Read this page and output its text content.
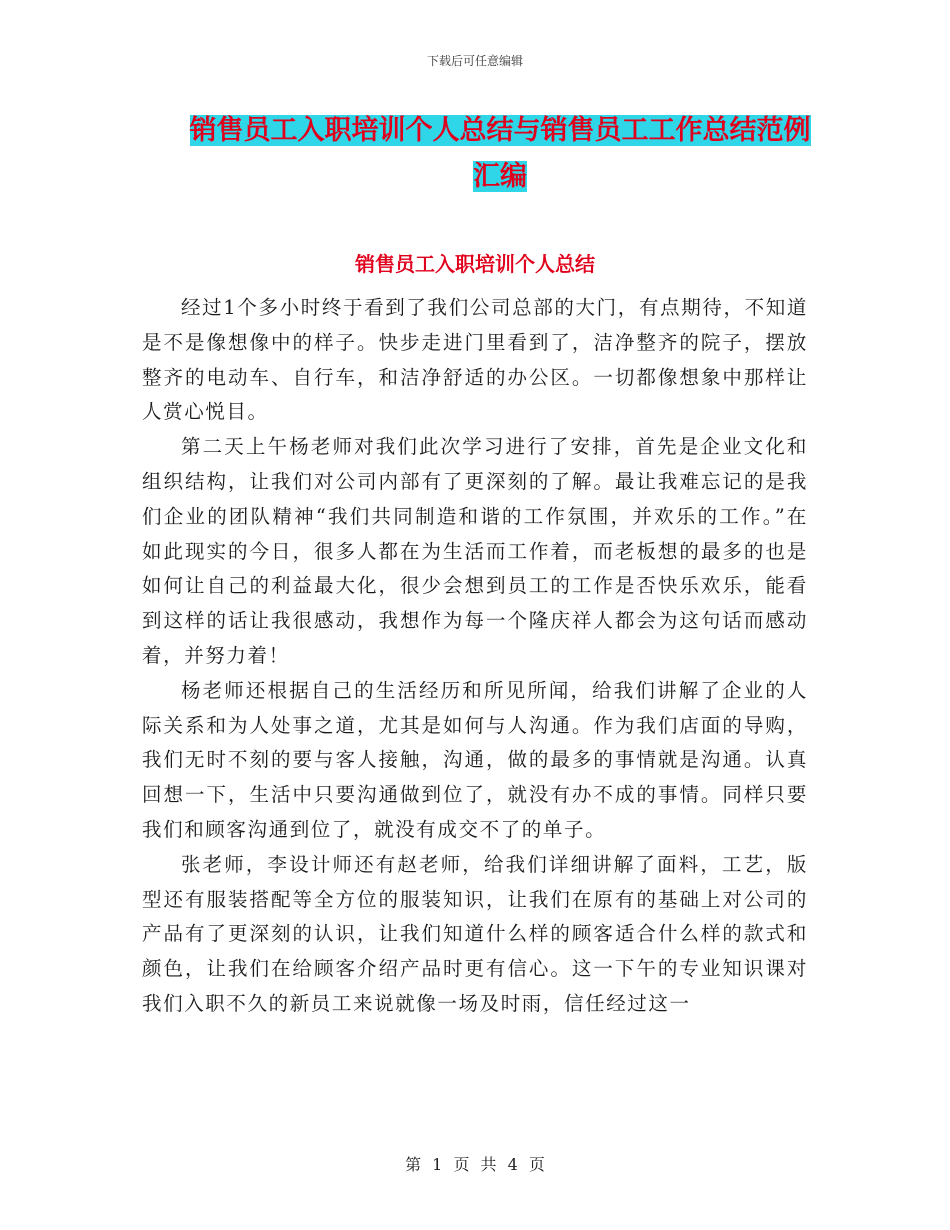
下载后可任意编辑
销售员工入职培训个人总结与销售员工工作总结范例
汇编
销售员工入职培训个人总结

经过1个多小时终于看到了我们公司总部的大门，有点期待，不知道是不是像想像中的样子。快步走进门里看到了，洁净整齐的院子，摆放整齐的电动车、自行车，和洁净舒适的办公区。一切都像想象中那样让人赏心悦目。

第二天上午杨老师对我们此次学习进行了安排，首先是企业文化和组织结构，让我们对公司内部有了更深刻的了解。最让我难忘记的是我们企业的团队精神“我们共同制造和谐的工作氛围，并欢乐的工作。”在如此现实的今日，很多人都在为生活而工作着，而老板想的最多的也是如何让自己的利益最大化，很少会想到员工的工作是否快乐欢乐，能看到这样的话让我很感动，我想作为每一个隆庆祥人都会为这句话而感动着，并努力着！

杨老师还根据自己的生活经历和所见所闻，给我们讲解了企业的人际关系和为人处事之道，尤其是如何与人沟通。作为我们店面的导购，我们无时不刻的要与客人接触，沟通，做的最多的事情就是沟通。认真回想一下，生活中只要沟通做到位了，就没有办不成的事情。同样只要我们和顾客沟通到位了，就没有成交不了的单子。

张老师，李设计师还有赵老师，给我们详细讲解了面料，工艺，版型还有服装搭配等全方位的服装知识，让我们在原有的基础上对公司的产品有了更深刻的认识，让我们知道什么样的顾客适合什么样的款式和颜色，让我们在给顾客介绍产品时更有信心。这一下午的专业知识课对我们入职不久的新员工来说就像一场及时雨，信任经过这一

第 1 页 共 4 页
